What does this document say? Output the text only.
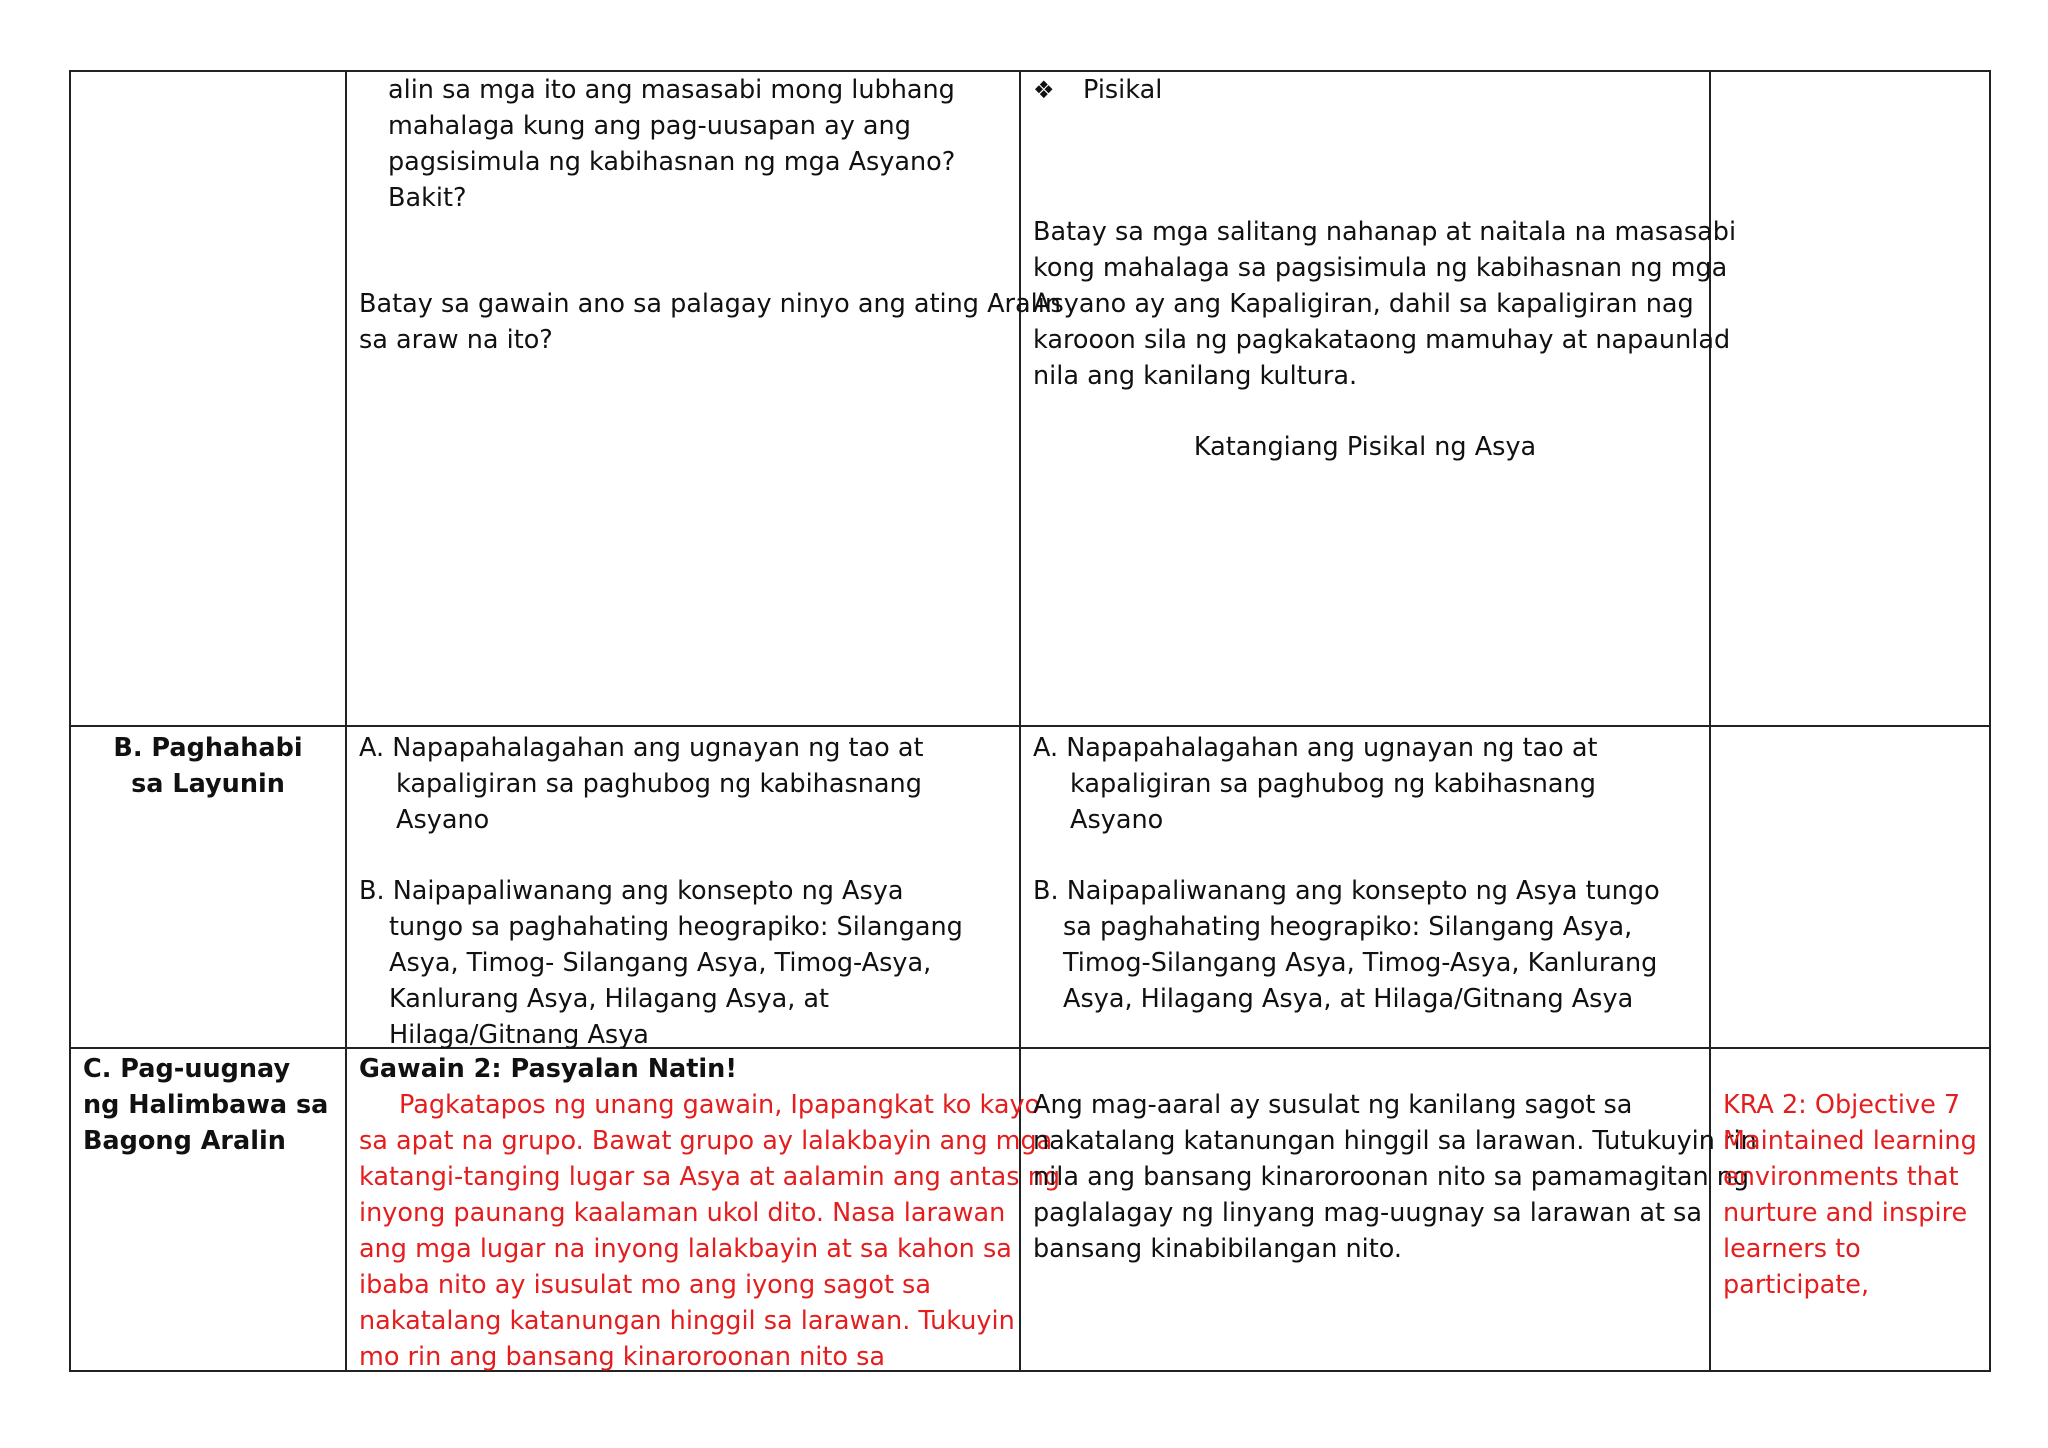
alin sa mga ito ang masasabi mong lubhang
mahalaga kung ang pag-uusapan ay ang
pagsisimula ng kabihasnan ng mga Asyano?
Bakit?
Batay sa gawain ano sa palagay ninyo ang ating Aralin
sa araw na ito?
❖ Pisikal
Batay sa mga salitang nahanap at naitala na masasabi
kong mahalaga sa pagsisimula ng kabihasnan ng mga
Asyano ay ang Kapaligiran, dahil sa kapaligiran nag
karooon sila ng pagkakataong mamuhay at napaunlad
nila ang kanilang kultura.
Katangiang Pisikal ng Asya
B. Paghahabi
sa Layunin
A. Napapahalagahan ang ugnayan ng tao at
kapaligiran sa paghubog ng kabihasnang
Asyano
B. Naipapaliwanang ang konsepto ng Asya
tungo sa paghahating heograpiko: Silangang
Asya, Timog- Silangang Asya, Timog-Asya,
Kanlurang Asya, Hilagang Asya, at
Hilaga/Gitnang Asya
A. Napapahalagahan ang ugnayan ng tao at
kapaligiran sa paghubog ng kabihasnang
Asyano
B. Naipapaliwanang ang konsepto ng Asya tungo
sa paghahating heograpiko: Silangang Asya,
Timog-Silangang Asya, Timog-Asya, Kanlurang
Asya, Hilagang Asya, at Hilaga/Gitnang Asya
C. Pag-uugnay
ng Halimbawa sa
Bagong Aralin
Gawain 2: Pasyalan Natin!
Pagkatapos ng unang gawain, Ipapangkat ko kayo
sa apat na grupo. Bawat grupo ay lalakbayin ang mga
katangi-tanging lugar sa Asya at aalamin ang antas ng
inyong paunang kaalaman ukol dito. Nasa larawan
ang mga lugar na inyong lalakbayin at sa kahon sa
ibaba nito ay isusulat mo ang iyong sagot sa
nakatalang katanungan hinggil sa larawan. Tukuyin
mo rin ang bansang kinaroroonan nito sa
Ang mag-aaral ay susulat ng kanilang sagot sa
nakatalang katanungan hinggil sa larawan. Tutukuyin rin
nila ang bansang kinaroroonan nito sa pamamagitan ng
paglalagay ng linyang mag-uugnay sa larawan at sa
bansang kinabibilangan nito.
KRA 2: Objective 7
Maintained learning
environments that
nurture and inspire
learners to
participate,
